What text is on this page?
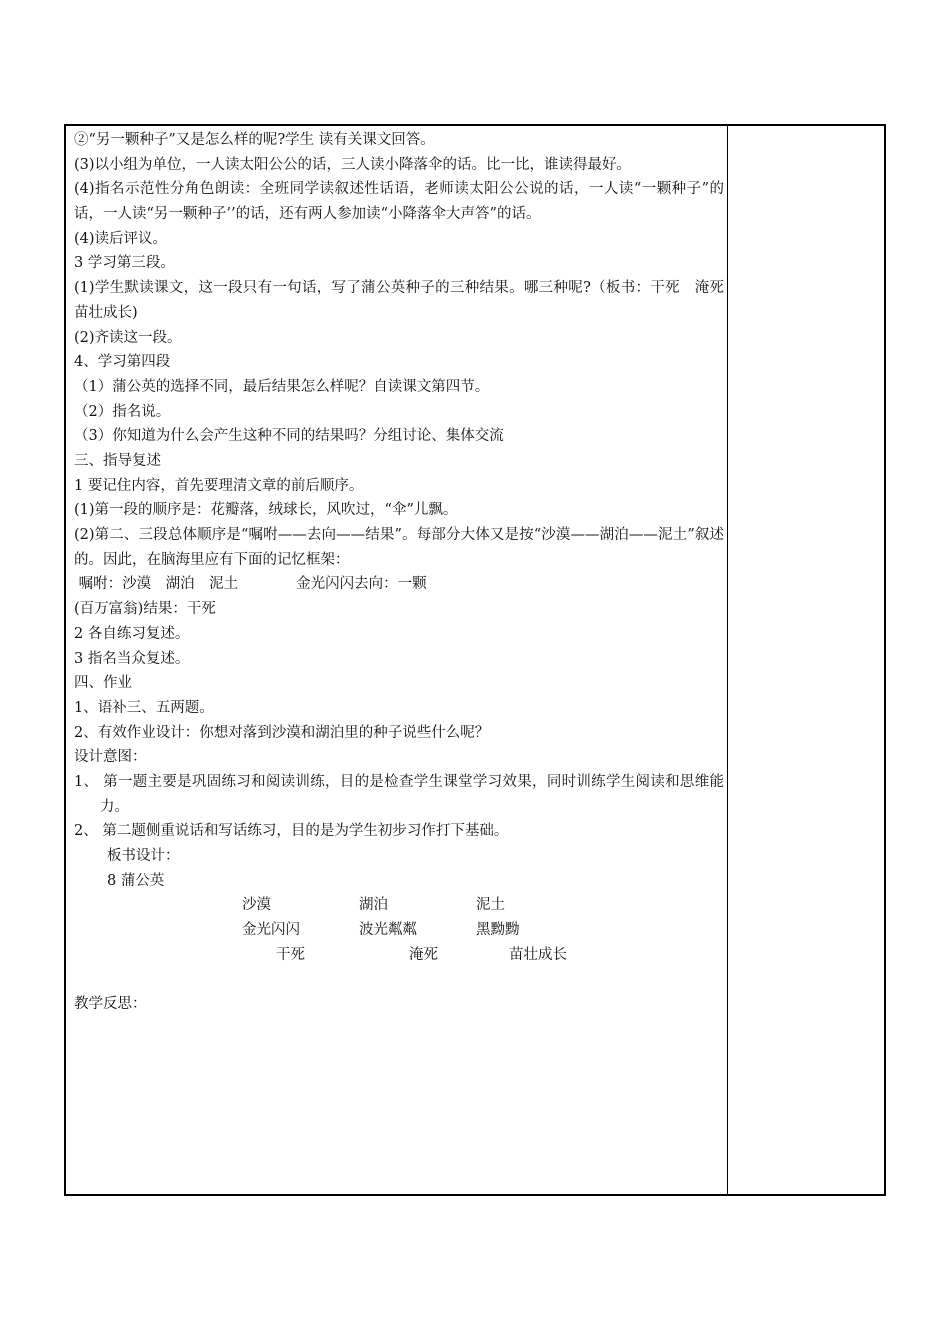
②“另一颗种子”又是怎么样的呢?学生 读有关课文回答。
(3)以小组为单位，一人读太阳公公的话，三人读小降落伞的话。比一比，谁读得最好。
(4)指名示范性分角色朗读：全班同学读叙述性话语，老师读太阳公公说的话，一人读“一颗种子”的话，一人读“另一颗种子’’的话，还有两人参加读“小降落伞大声答”的话。
(4)读后评议。
3 学习第三段。
(1)学生默读课文，这一段只有一句话，写了蒲公英种子的三种结果。哪三种呢?（板书：干死　淹死 苗壮成长)
(2)齐读这一段。
4、学习第四段
（1）蒲公英的选择不同，最后结果怎么样呢？自读课文第四节。
（2）指名说。
（3）你知道为什么会产生这种不同的结果吗？分组讨论、集体交流
三、指导复述
1 要记住内容，首先要理清文章的前后顺序。
(1)第一段的顺序是：花瓣落，绒球长，风吹过，“伞”儿飘。
(2)第二、三段总体顺序是“嘱咐——去向——结果”。每部分大体又是按“沙漠——湖泊——泥土”叙述的。因此，在脑海里应有下面的记忆框架：
嘱咐：沙漠　湖泊　泥土　　　　金光闪闪去向：一颗
(百万富翁)结果：干死
2 各自练习复述。
3 指名当众复述。
四、作业
1、语补三、五两题。
2、有效作业设计：你想对落到沙漠和湖泊里的种子说些什么呢？
设计意图：
1、 第一题主要是巩固练习和阅读训练，目的是检查学生课堂学习效果，同时训练学生阅读和思维能力。
2、 第二题侧重说话和写话练习，目的是为学生初步习作打下基础。
板书设计：
8 蒲公英
沙漠	湖泊	泥土
金光闪闪	波光粼粼	黑黝黝
干死	淹死	苗壮成长
教学反思：
